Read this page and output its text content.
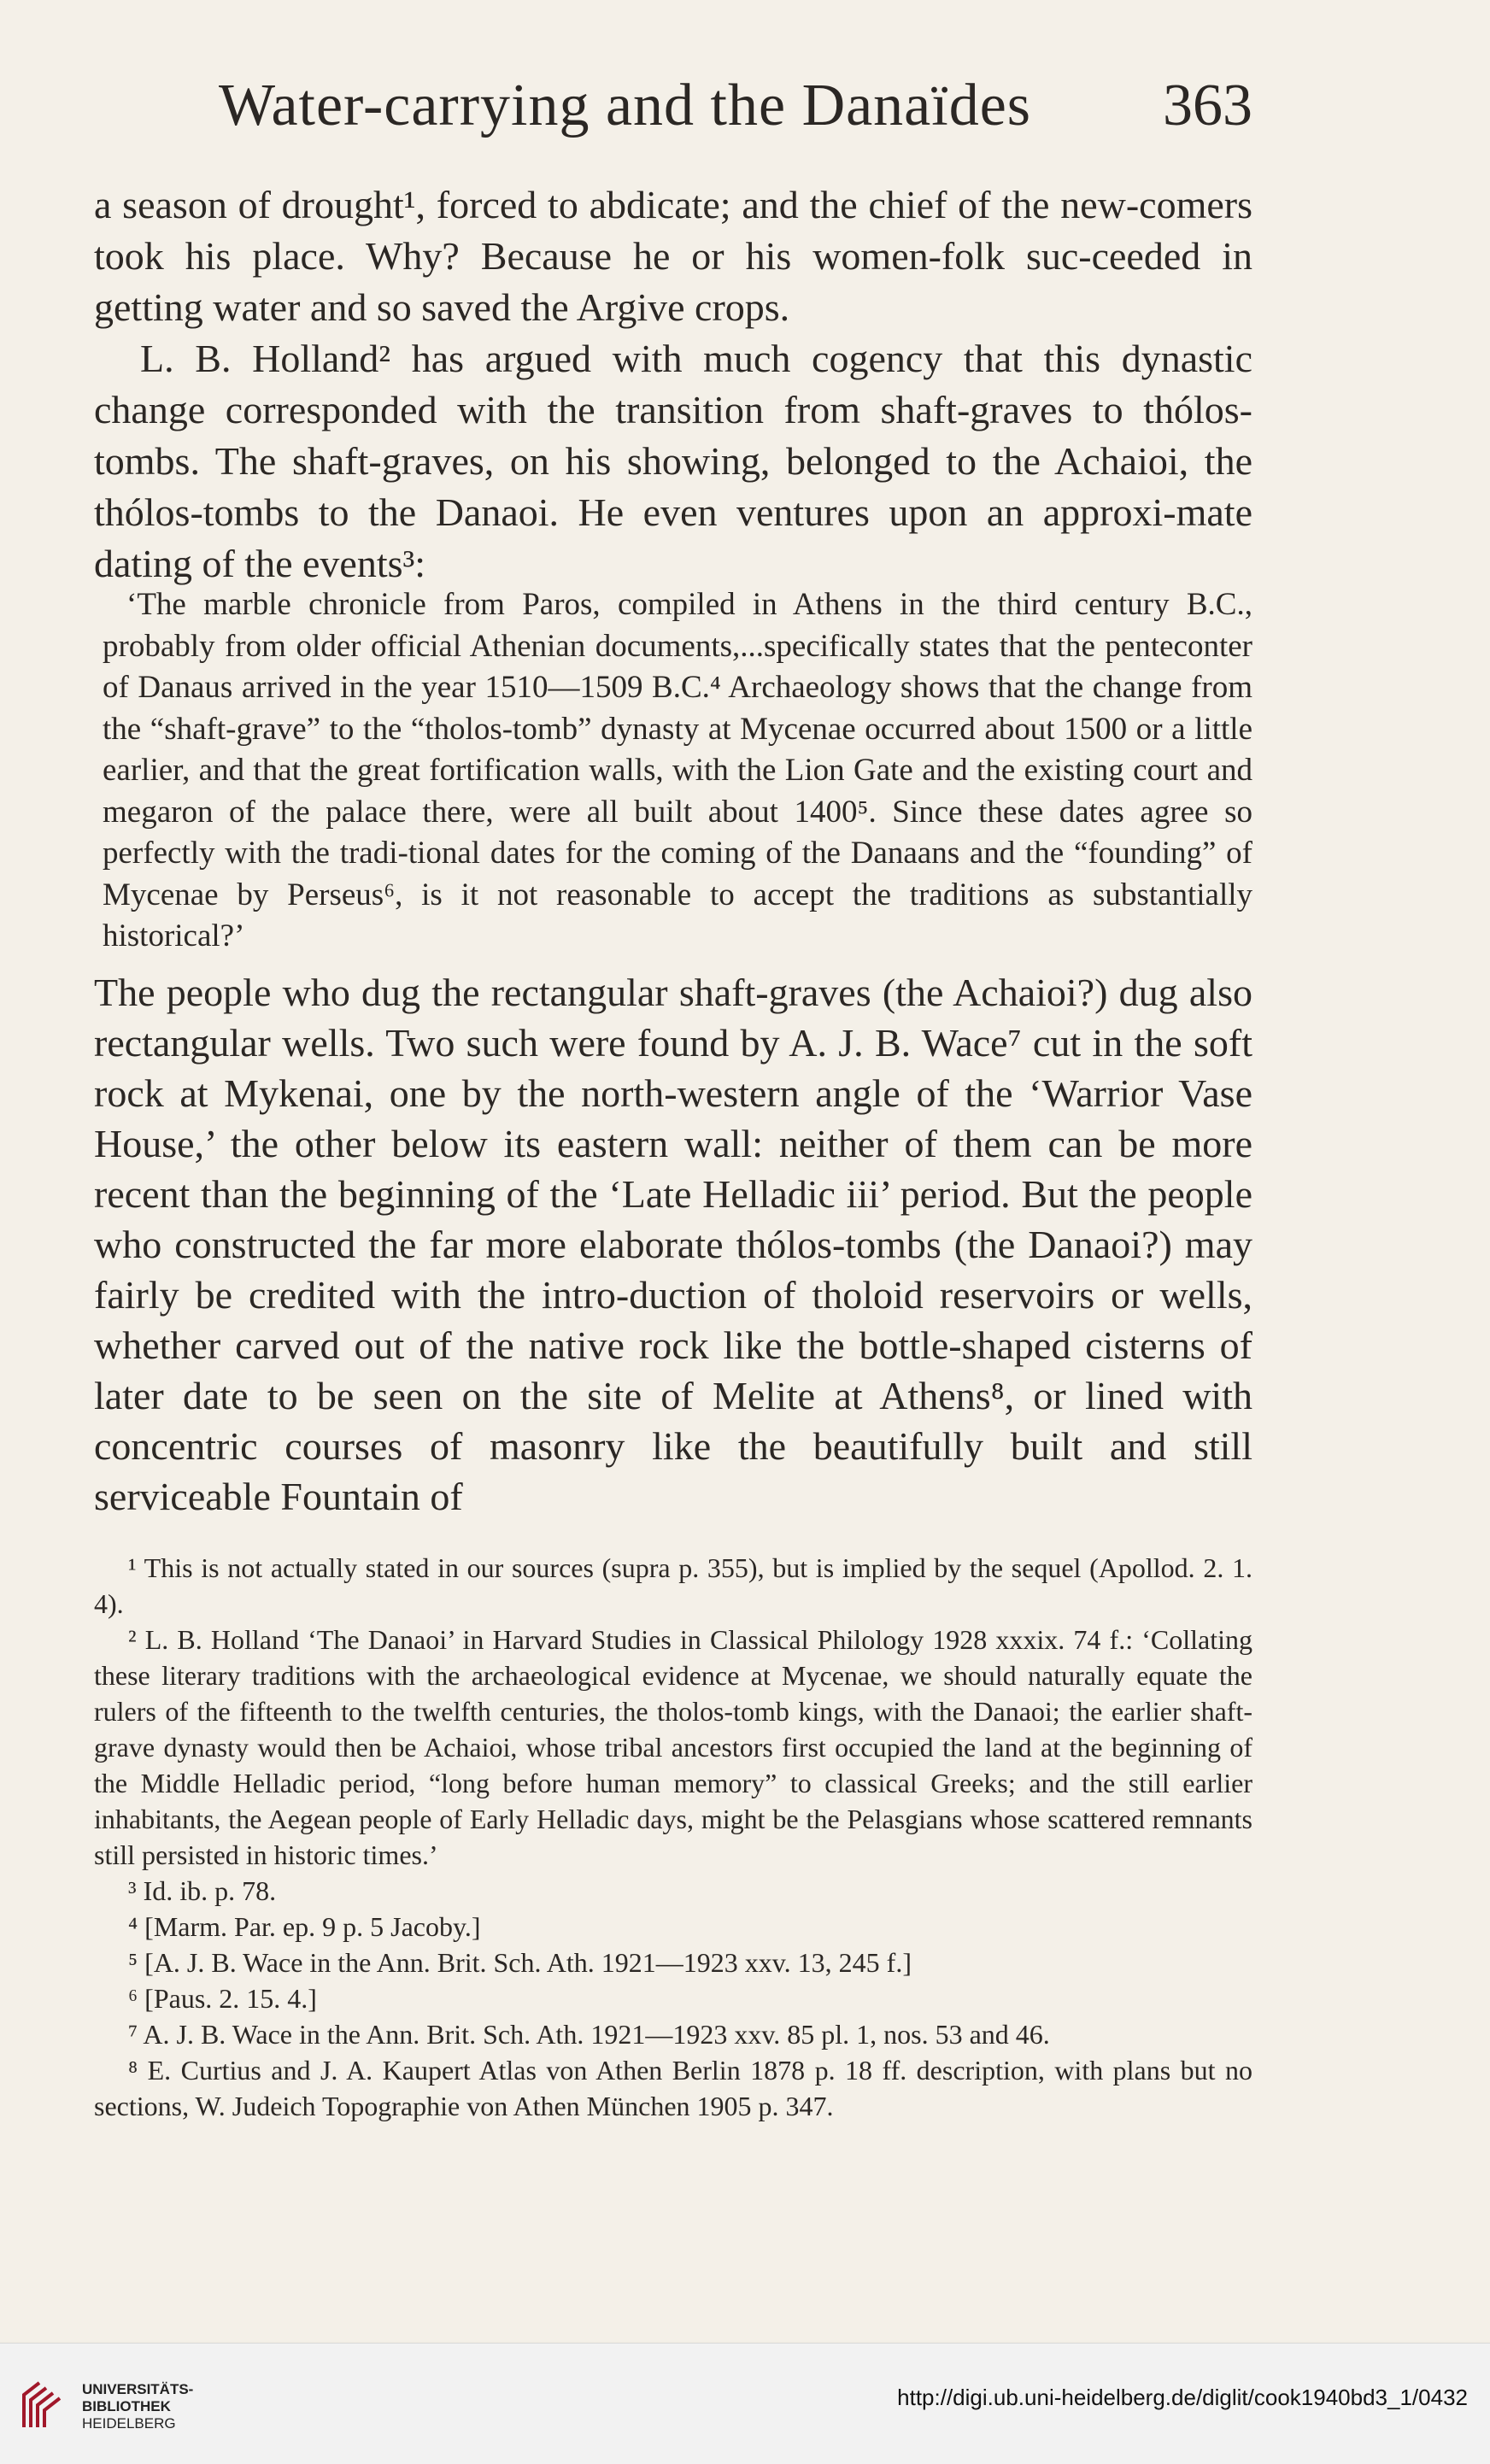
Water-carrying and the Danaïdes 363

a season of drought¹, forced to abdicate; and the chief of the new-comers took his place. Why? Because he or his women-folk suc-ceeded in getting water and so saved the Argive crops.

L. B. Holland² has argued with much cogency that this dynastic change corresponded with the transition from shaft-graves to thólos-tombs. The shaft-graves, on his showing, belonged to the Achaioi, the thólos-tombs to the Danaoi. He even ventures upon an approxi-mate dating of the events³:

‘The marble chronicle from Paros, compiled in Athens in the third century B.C., probably from older official Athenian documents,...specifically states that the penteconter of Danaus arrived in the year 1510—1509 B.C.⁴ Archaeology shows that the change from the “shaft-grave” to the “tholos-tomb” dynasty at Mycenae occurred about 1500 or a little earlier, and that the great fortification walls, with the Lion Gate and the existing court and megaron of the palace there, were all built about 1400⁵. Since these dates agree so perfectly with the tradi-tional dates for the coming of the Danaans and the “founding” of Mycenae by Perseus⁶, is it not reasonable to accept the traditions as substantially historical?’

The people who dug the rectangular shaft-graves (the Achaioi?) dug also rectangular wells. Two such were found by A. J. B. Wace⁷ cut in the soft rock at Mykenai, one by the north-western angle of the ‘Warrior Vase House,’ the other below its eastern wall: neither of them can be more recent than the beginning of the ‘Late Helladic iii’ period. But the people who constructed the far more elaborate thólos-tombs (the Danaoi?) may fairly be credited with the intro-duction of tholoid reservoirs or wells, whether carved out of the native rock like the bottle-shaped cisterns of later date to be seen on the site of Melite at Athens⁸, or lined with concentric courses of masonry like the beautifully built and still serviceable Fountain of

¹ This is not actually stated in our sources (supra p. 355), but is implied by the sequel (Apollod. 2. 1. 4).

² L. B. Holland ‘The Danaoi’ in Harvard Studies in Classical Philology 1928 xxxix. 74 f.: ‘Collating these literary traditions with the archaeological evidence at Mycenae, we should naturally equate the rulers of the fifteenth to the twelfth centuries, the tholos-tomb kings, with the Danaoi; the earlier shaft-grave dynasty would then be Achaioi, whose tribal ancestors first occupied the land at the beginning of the Middle Helladic period, “long before human memory” to classical Greeks; and the still earlier inhabitants, the Aegean people of Early Helladic days, might be the Pelasgians whose scattered remnants still persisted in historic times.’

³ Id. ib. p. 78.

⁴ [Marm. Par. ep. 9 p. 5 Jacoby.]

⁵ [A. J. B. Wace in the Ann. Brit. Sch. Ath. 1921—1923 xxv. 13, 245 f.]

⁶ [Paus. 2. 15. 4.]

⁷ A. J. B. Wace in the Ann. Brit. Sch. Ath. 1921—1923 xxv. 85 pl. 1, nos. 53 and 46.

⁸ E. Curtius and J. A. Kaupert Atlas von Athen Berlin 1878 p. 18 ff. description, with plans but no sections, W. Judeich Topographie von Athen München 1905 p. 347.

UNIVERSITÄTS-
BIBLIOTHEK
HEIDELBERG
http://digi.ub.uni-heidelberg.de/diglit/cook1940bd3_1/0432
